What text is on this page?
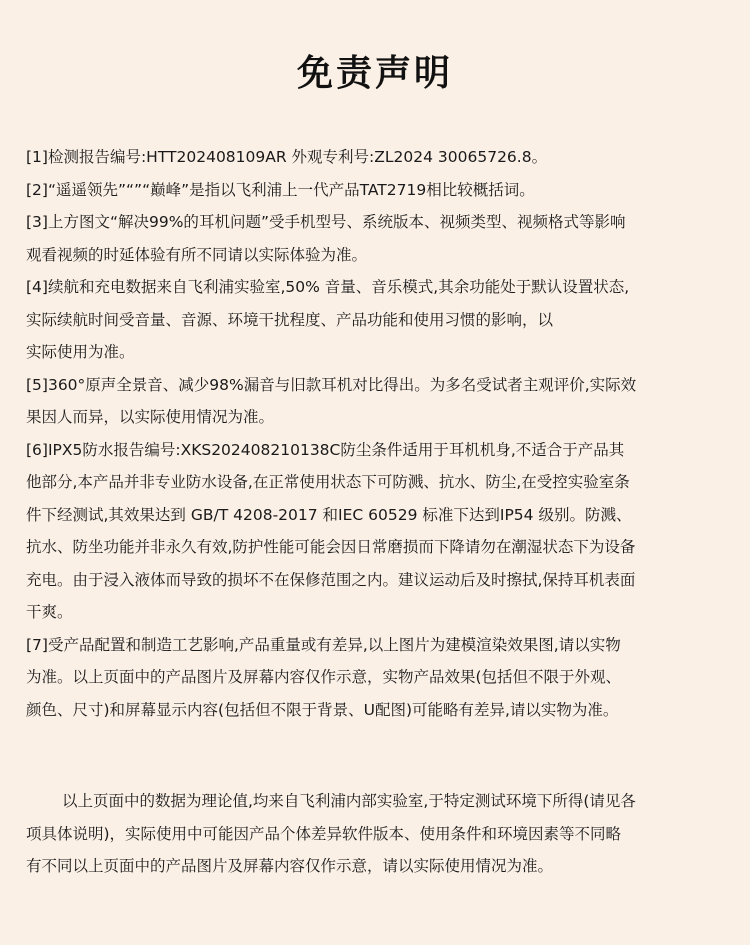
免责声明
[1]检测报告编号:HTT202408109AR 外观专利号:ZL2024 30065726.8。
[2]“遥遥领先”“”“巅峰”是指以飞利浦上一代产品TAT2719相比较概括词。
[3]上方图文“解决99%的耳机问题”受手机型号、系统版本、视频类型、视频格式等影响
观看视频的时延体验有所不同请以实际体验为准。
[4]续航和充电数据来自飞利浦实验室,50% 音量、音乐模式,其余功能处于默认设置状态,
实际续航时间受音量、音源、环境干扰程度、产品功能和使用习惯的影响，以
实际使用为准。
[5]360°原声全景音、减少98%漏音与旧款耳机对比得出。为多名受试者主观评价,实际效
果因人而异，以实际使用情况为准。
[6]IPX5防水报告编号:XKS202408210138C防尘条件适用于耳机机身,不适合于产品其
他部分,本产品并非专业防水设备,在正常使用状态下可防溅、抗水、防尘,在受控实验室条
件下经测试,其效果达到 GB/T 4208-2017 和IEC 60529 标准下达到IP54 级别。防溅、
抗水、防坐功能并非永久有效,防护性能可能会因日常磨损而下降请勿在潮湿状态下为设备
充电。由于浸入液体而导致的损坏不在保修范围之内。建议运动后及时擦拭,保持耳机表面
干爽。
[7]受产品配置和制造工艺影响,产品重量或有差异,以上图片为建模渲染效果图,请以实物
为准。以上页面中的产品图片及屏幕内容仅作示意，实物产品效果(包括但不限于外观、
颜色、尺寸)和屏幕显示内容(包括但不限于背景、U配图)可能略有差异,请以实物为准。
以上页面中的数据为理论值,均来自飞利浦内部实验室,于特定测试环境下所得(请见各
项具体说明)，实际使用中可能因产品个体差异软件版本、使用条件和环境因素等不同略
有不同以上页面中的产品图片及屏幕内容仅作示意，请以实际使用情况为准。
